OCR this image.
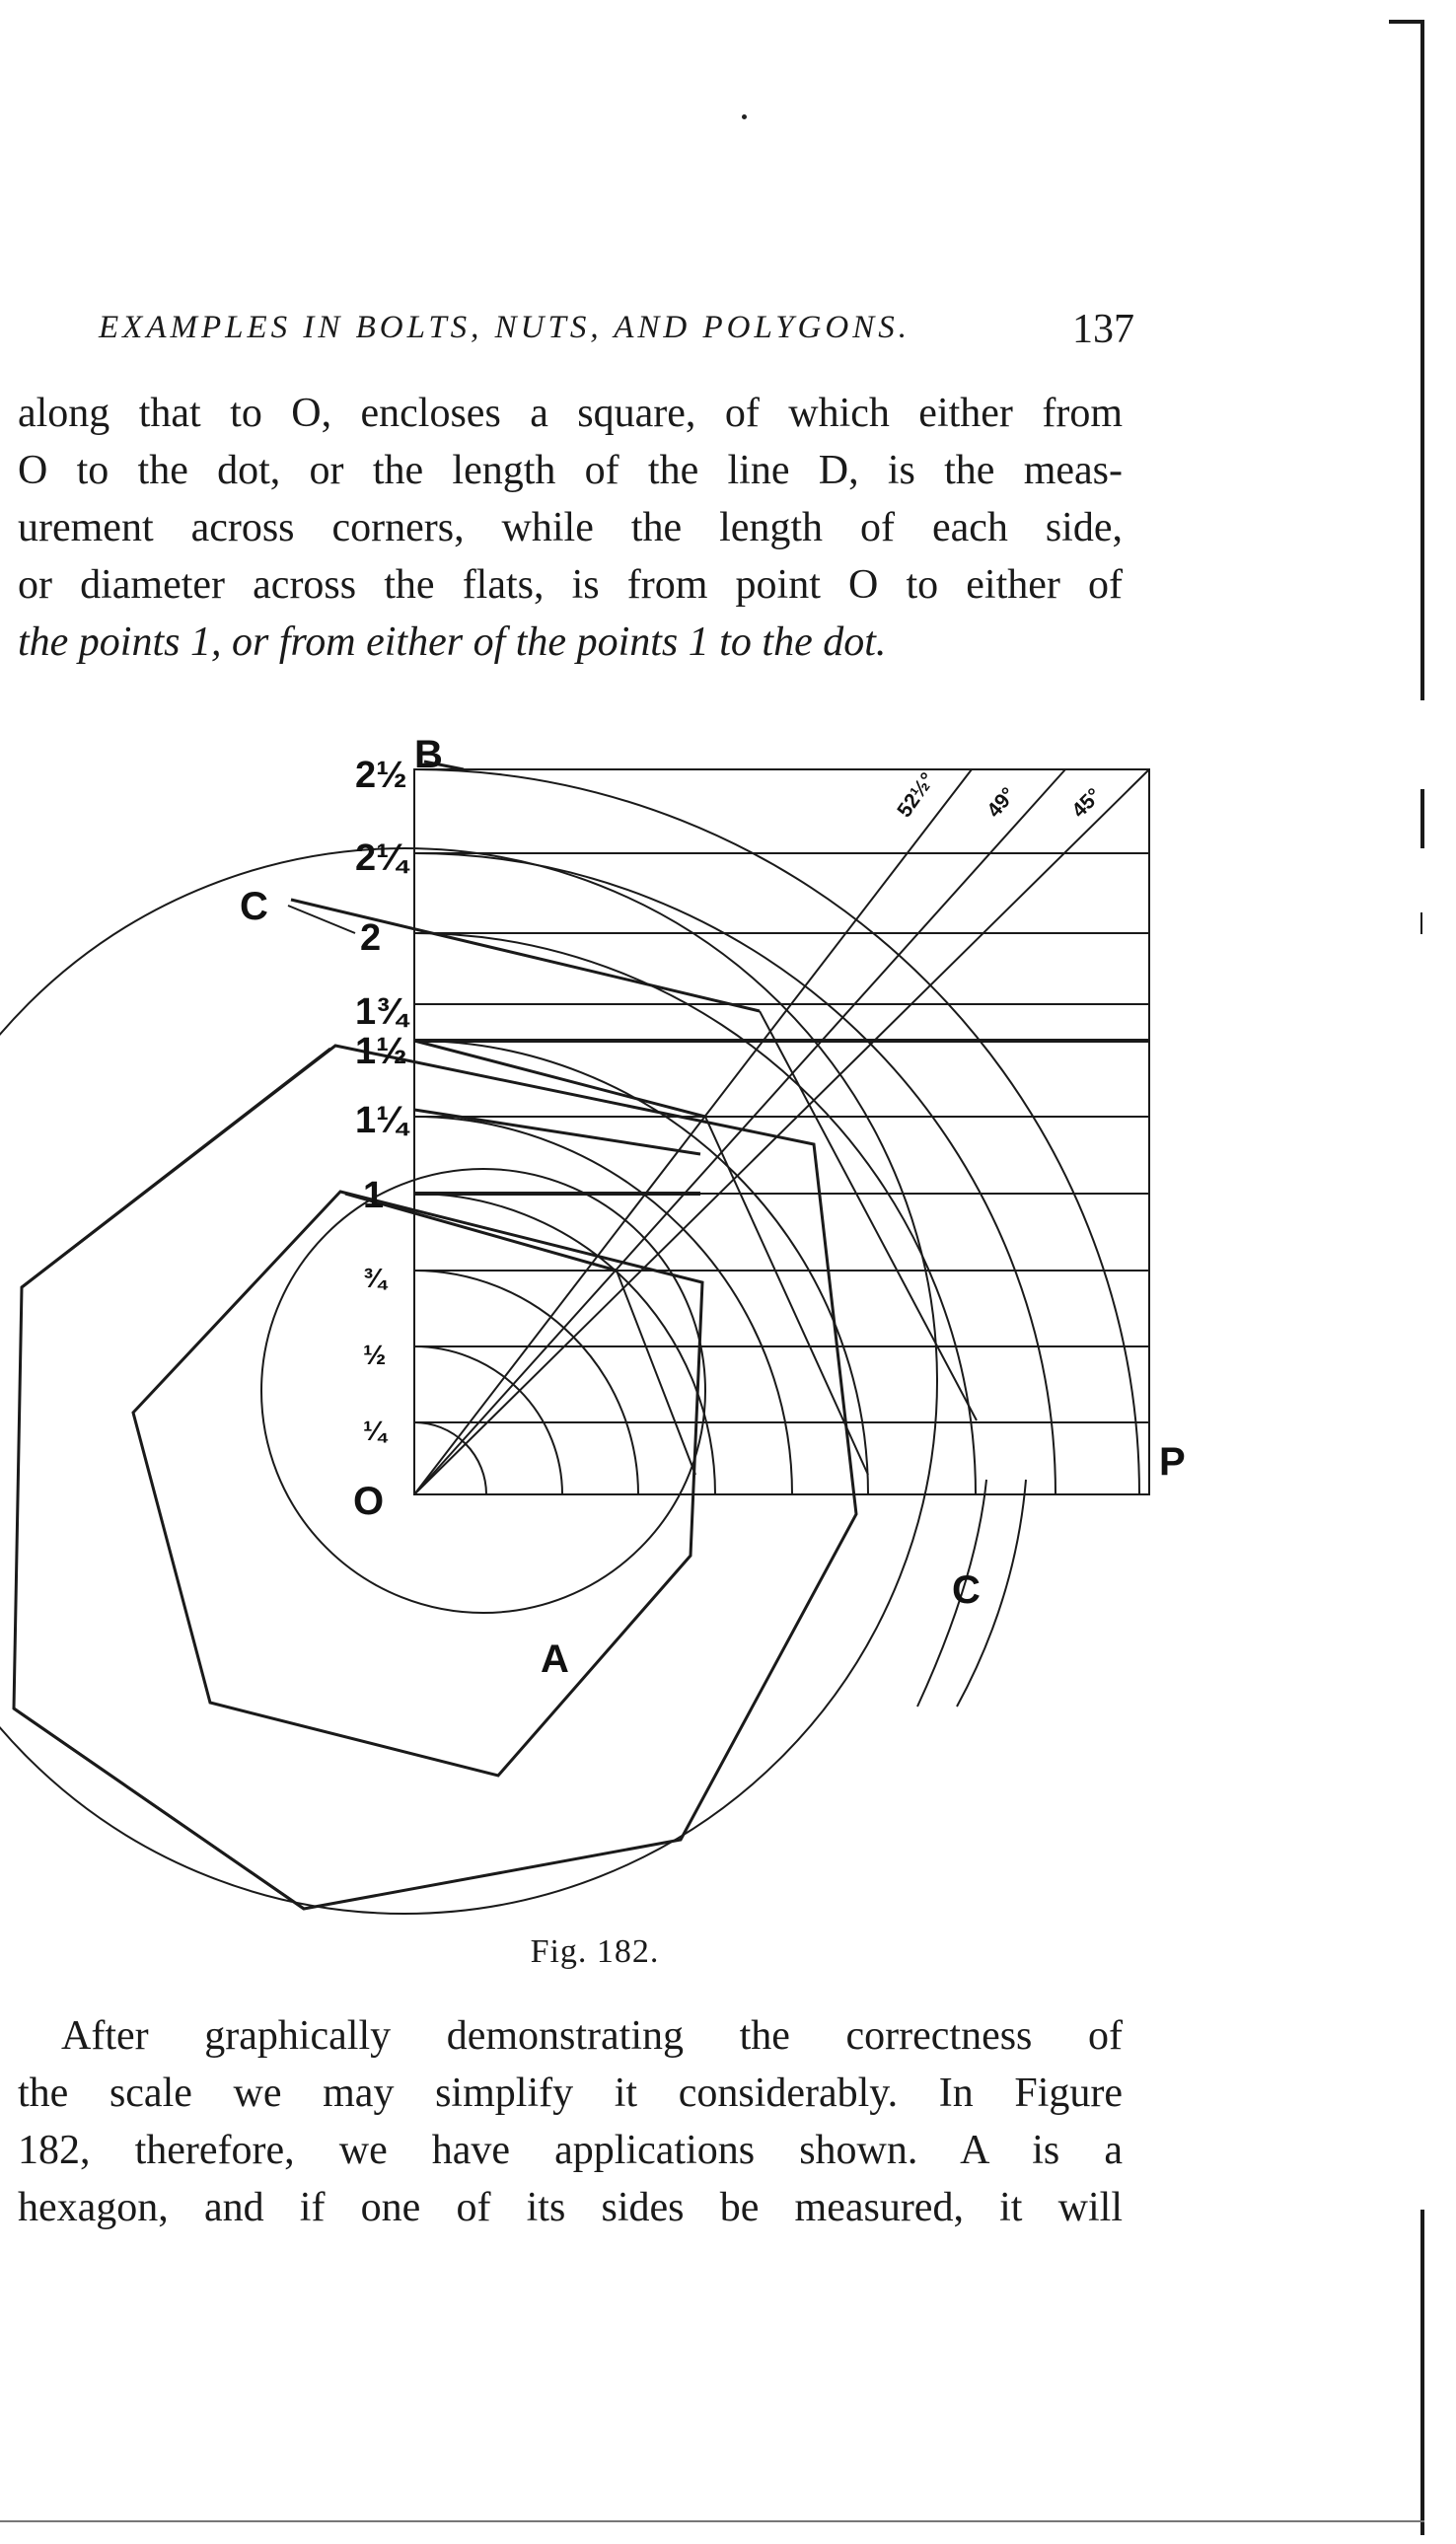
EXAMPLES IN BOLTS, NUTS, AND POLYGONS.	137

along that to O, encloses a square, of which either from
O to the dot, or the length of the line D, is the meas-
urement across corners, while the length of each side,
or diameter across the flats, is from point O to either of
the points 1, or from either of the points 1 to the dot.

2½
2¼
2
1¾
1½
1¼
1
¾
½
¼
B
C
O
P
A
C
52½° 49° 45°
Fig. 182.

After graphically demonstrating the correctness of
the scale we may simplify it considerably. In Figure
182, therefore, we have applications shown. A is a
hexagon, and if one of its sides be measured, it will
